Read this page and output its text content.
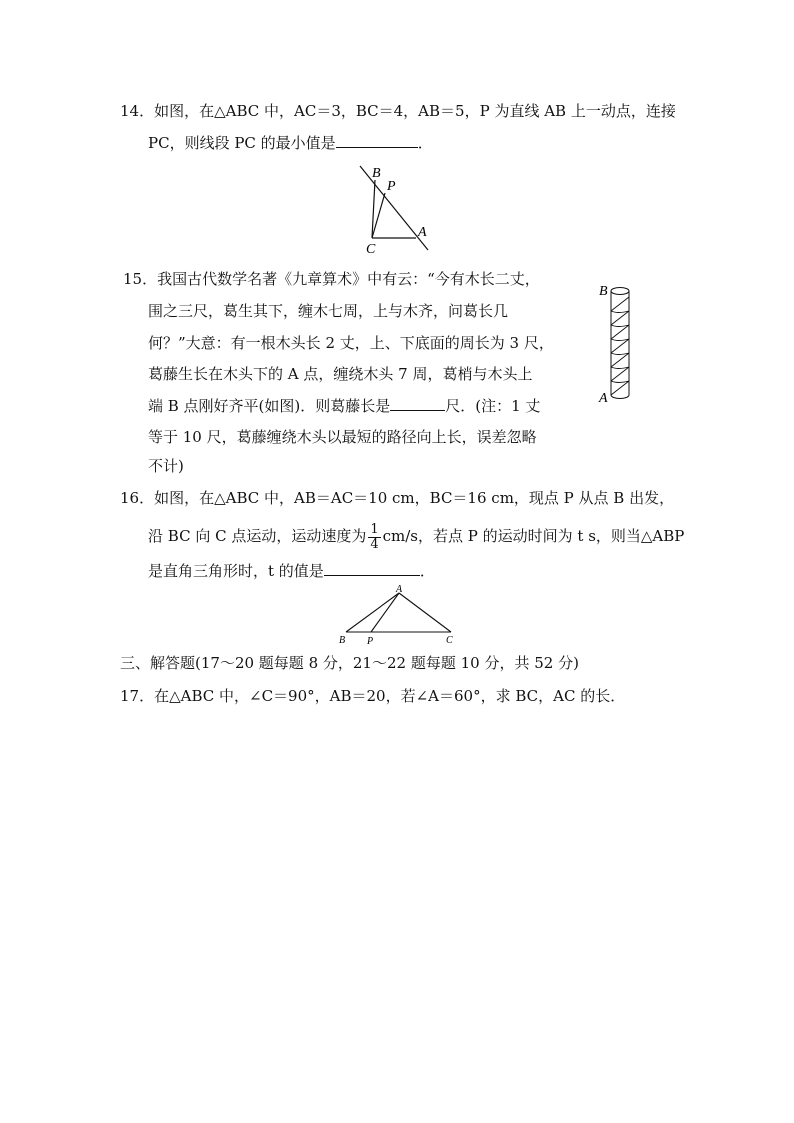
14．如图，在△ABC 中，AC＝3，BC＝4，AB＝5，P 为直线 AB 上一动点，连接
PC，则线段 PC 的最小值是	．
B
P
C
A
15．我国古代数学名著《九章算术》中有云：“今有木长二丈，
围之三尺，葛生其下，缠木七周，上与木齐，问葛长几
何？”大意：有一根木头长 2 丈，上、下底面的周长为 3 尺，
葛藤生长在木头下的 A 点，缠绕木头 7 周，葛梢与木头上
端 B 点刚好齐平(如图)．则葛藤长是	尺．(注：1 丈
等于 10 尺，葛藤缠绕木头以最短的路径向上长，误差忽略
不计)
B
A
16．如图，在△ABC 中，AB＝AC＝10 cm，BC＝16 cm，现点 P 从点 B 出发，
沿 BC 向 C 点运动，运动速度为 $\frac{1}{4} cm/s$，若点 P 的运动时间为 t s，则当△ABP
是直角三角形时，t 的值是	．
A
B P	C
三、解答题(17～20 题每题 8 分，21～22 题每题 10 分，共 52 分)
17．在△ABC 中，∠C＝90°，AB＝20，若∠A＝60°，求 BC，AC 的长．
